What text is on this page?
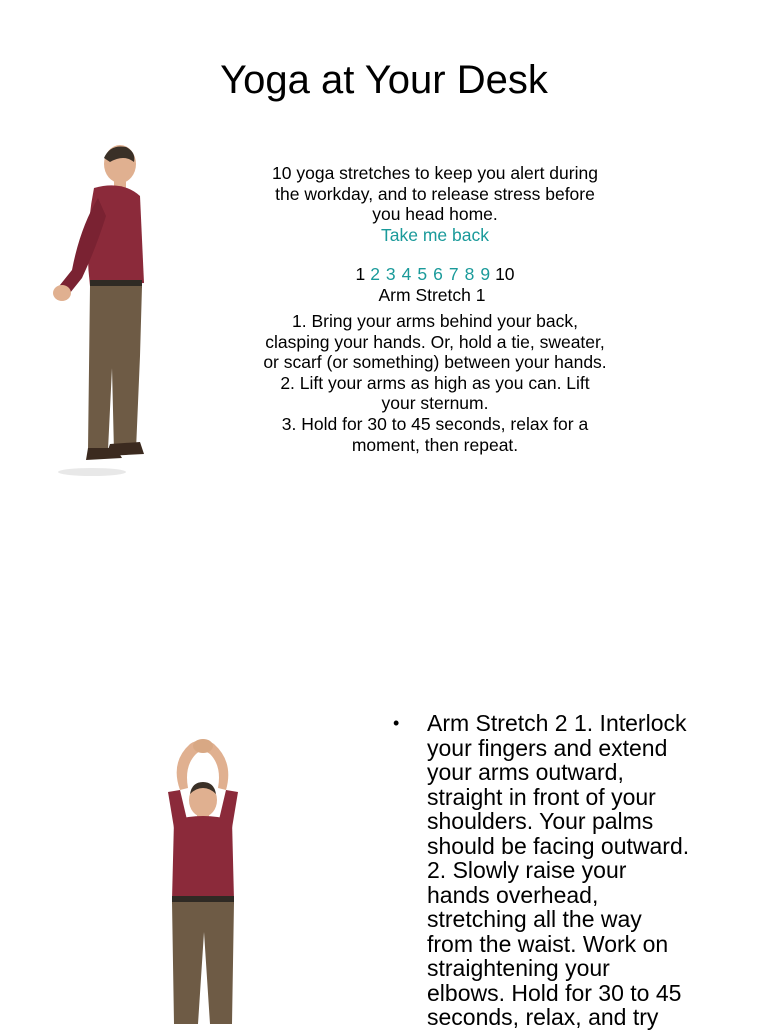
Yoga at Your Desk
10 yoga stretches to keep you alert during
the workday, and to release stress before
you head home.
Take me back
1 2 3 4 5 6 7 8 9 10
Arm Stretch 1

1. Bring your arms behind your back,

clasping your hands. Or, hold a tie, sweater,

or scarf (or something) between your hands.

2. Lift your arms as high as you can. Lift

your sternum.

3. Hold for 30 to 45 seconds, relax for a

moment, then repeat.

• Arm Stretch 2 1. Interlock
your fingers and extend
your arms outward,
straight in front of your
shoulders. Your palms
should be facing outward.
2. Slowly raise your
hands overhead,
stretching all the way
from the waist. Work on
straightening your
elbows. Hold for 30 to 45
seconds, relax, and try
